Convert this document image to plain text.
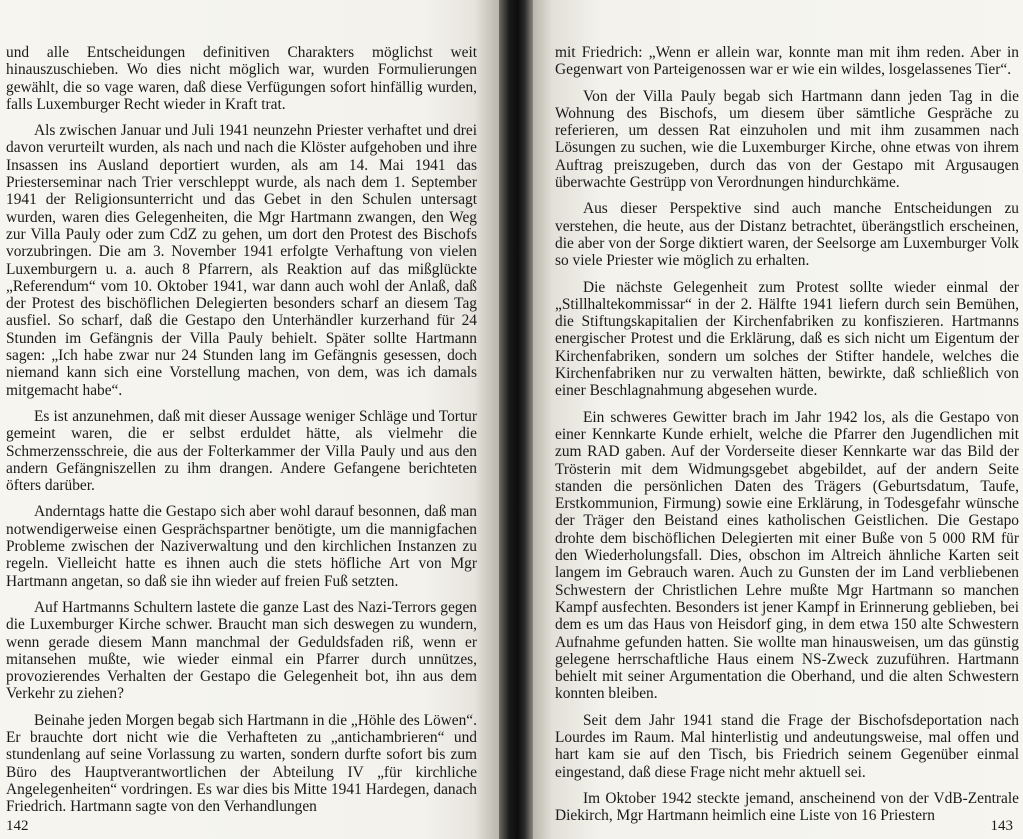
und alle Entscheidungen definitiven Charakters möglichst weit hinauszuschieben. Wo dies nicht möglich war, wurden Formulierungen gewählt, die so vage waren, daß diese Verfügungen sofort hinfällig wurden, falls Luxemburger Recht wieder in Kraft trat.

Als zwischen Januar und Juli 1941 neunzehn Priester verhaftet und drei davon verurteilt wurden, als nach und nach die Klöster aufgehoben und ihre Insassen ins Ausland deportiert wurden, als am 14. Mai 1941 das Priesterseminar nach Trier verschleppt wurde, als nach dem 1. September 1941 der Religionsunterricht und das Gebet in den Schulen untersagt wurden, waren dies Gelegenheiten, die Mgr Hartmann zwangen, den Weg zur Villa Pauly oder zum CdZ zu gehen, um dort den Protest des Bischofs vorzubringen. Die am 3. November 1941 erfolgte Verhaftung von vielen Luxemburgern u. a. auch 8 Pfarrern, als Reaktion auf das mißglückte „Referendum“ vom 10. Oktober 1941, war dann auch wohl der Anlaß, daß der Protest des bischöflichen Delegierten besonders scharf an diesem Tag ausfiel. So scharf, daß die Gestapo den Unterhändler kurzerhand für 24 Stunden im Gefängnis der Villa Pauly behielt. Später sollte Hartmann sagen: „Ich habe zwar nur 24 Stunden lang im Gefängnis gesessen, doch niemand kann sich eine Vorstellung machen, von dem, was ich damals mitgemacht habe“.

Es ist anzunehmen, daß mit dieser Aussage weniger Schläge und Tortur gemeint waren, die er selbst erduldet hätte, als vielmehr die Schmerzensschreie, die aus der Folterkammer der Villa Pauly und aus den andern Gefängniszellen zu ihm drangen. Andere Gefangene berichteten öfters darüber.

Anderntags hatte die Gestapo sich aber wohl darauf besonnen, daß man notwendigerweise einen Gesprächspartner benötigte, um die mannigfachen Probleme zwischen der Naziverwaltung und den kirchlichen Instanzen zu regeln. Vielleicht hatte es ihnen auch die stets höfliche Art von Mgr Hartmann angetan, so daß sie ihn wieder auf freien Fuß setzten.

Auf Hartmanns Schultern lastete die ganze Last des Nazi-Terrors gegen die Luxemburger Kirche schwer. Braucht man sich deswegen zu wundern, wenn gerade diesem Mann manchmal der Geduldsfaden riß, wenn er mitansehen mußte, wie wieder einmal ein Pfarrer durch unnützes, provozierendes Verhalten der Gestapo die Gelegenheit bot, ihn aus dem Verkehr zu ziehen?

Beinahe jeden Morgen begab sich Hartmann in die „Höhle des Löwen“. Er brauchte dort nicht wie die Verhafteten zu „antichambrieren“ und stundenlang auf seine Vorlassung zu warten, sondern durfte sofort bis zum Büro des Hauptverantwortlichen der Abteilung IV „für kirchliche Angelegenheiten“ vordringen. Es war dies bis Mitte 1941 Hardegen, danach Friedrich. Hartmann sagte von den Verhandlungen

142

mit Friedrich: „Wenn er allein war, konnte man mit ihm reden. Aber in Gegenwart von Parteigenossen war er wie ein wildes, losgelassenes Tier“.

Von der Villa Pauly begab sich Hartmann dann jeden Tag in die Wohnung des Bischofs, um diesem über sämtliche Gespräche zu referieren, um dessen Rat einzuholen und mit ihm zusammen nach Lösungen zu suchen, wie die Luxemburger Kirche, ohne etwas von ihrem Auftrag preiszugeben, durch das von der Gestapo mit Argusaugen überwachte Gestrüpp von Verordnungen hindurchkäme.

Aus dieser Perspektive sind auch manche Entscheidungen zu verstehen, die heute, aus der Distanz betrachtet, überängstlich erscheinen, die aber von der Sorge diktiert waren, der Seelsorge am Luxemburger Volk so viele Priester wie möglich zu erhalten.

Die nächste Gelegenheit zum Protest sollte wieder einmal der „Stillhaltekommissar“ in der 2. Hälfte 1941 liefern durch sein Bemühen, die Stiftungskapitalien der Kirchenfabriken zu konfiszieren. Hartmanns energischer Protest und die Erklärung, daß es sich nicht um Eigentum der Kirchenfabriken, sondern um solches der Stifter handele, welches die Kirchenfabriken nur zu verwalten hätten, bewirkte, daß schließlich von einer Beschlagnahmung abgesehen wurde.

Ein schweres Gewitter brach im Jahr 1942 los, als die Gestapo von einer Kennkarte Kunde erhielt, welche die Pfarrer den Jugendlichen mit zum RAD gaben. Auf der Vorderseite dieser Kennkarte war das Bild der Trösterin mit dem Widmungsgebet abgebildet, auf der andern Seite standen die persönlichen Daten des Trägers (Geburtsdatum, Taufe, Erstkommunion, Firmung) sowie eine Erklärung, in Todesgefahr wünsche der Träger den Beistand eines katholischen Geistlichen. Die Gestapo drohte dem bischöflichen Delegierten mit einer Buße von 5 000 RM für den Wiederholungsfall. Dies, obschon im Altreich ähnliche Karten seit langem im Gebrauch waren. Auch zu Gunsten der im Land verbliebenen Schwestern der Christlichen Lehre mußte Mgr Hartmann so manchen Kampf ausfechten. Besonders ist jener Kampf in Erinnerung geblieben, bei dem es um das Haus von Heisdorf ging, in dem etwa 150 alte Schwestern Aufnahme gefunden hatten. Sie wollte man hinausweisen, um das günstig gelegene herrschaftliche Haus einem NS-Zweck zuzuführen. Hartmann behielt mit seiner Argumentation die Oberhand, und die alten Schwestern konnten bleiben.

Seit dem Jahr 1941 stand die Frage der Bischofsdeportation nach Lourdes im Raum. Mal hinterlistig und andeutungsweise, mal offen und hart kam sie auf den Tisch, bis Friedrich seinem Gegenüber einmal eingestand, daß diese Frage nicht mehr aktuell sei.

Im Oktober 1942 steckte jemand, anscheinend von der VdB-Zentrale Diekirch, Mgr Hartmann heimlich eine Liste von 16 Priestern

143
